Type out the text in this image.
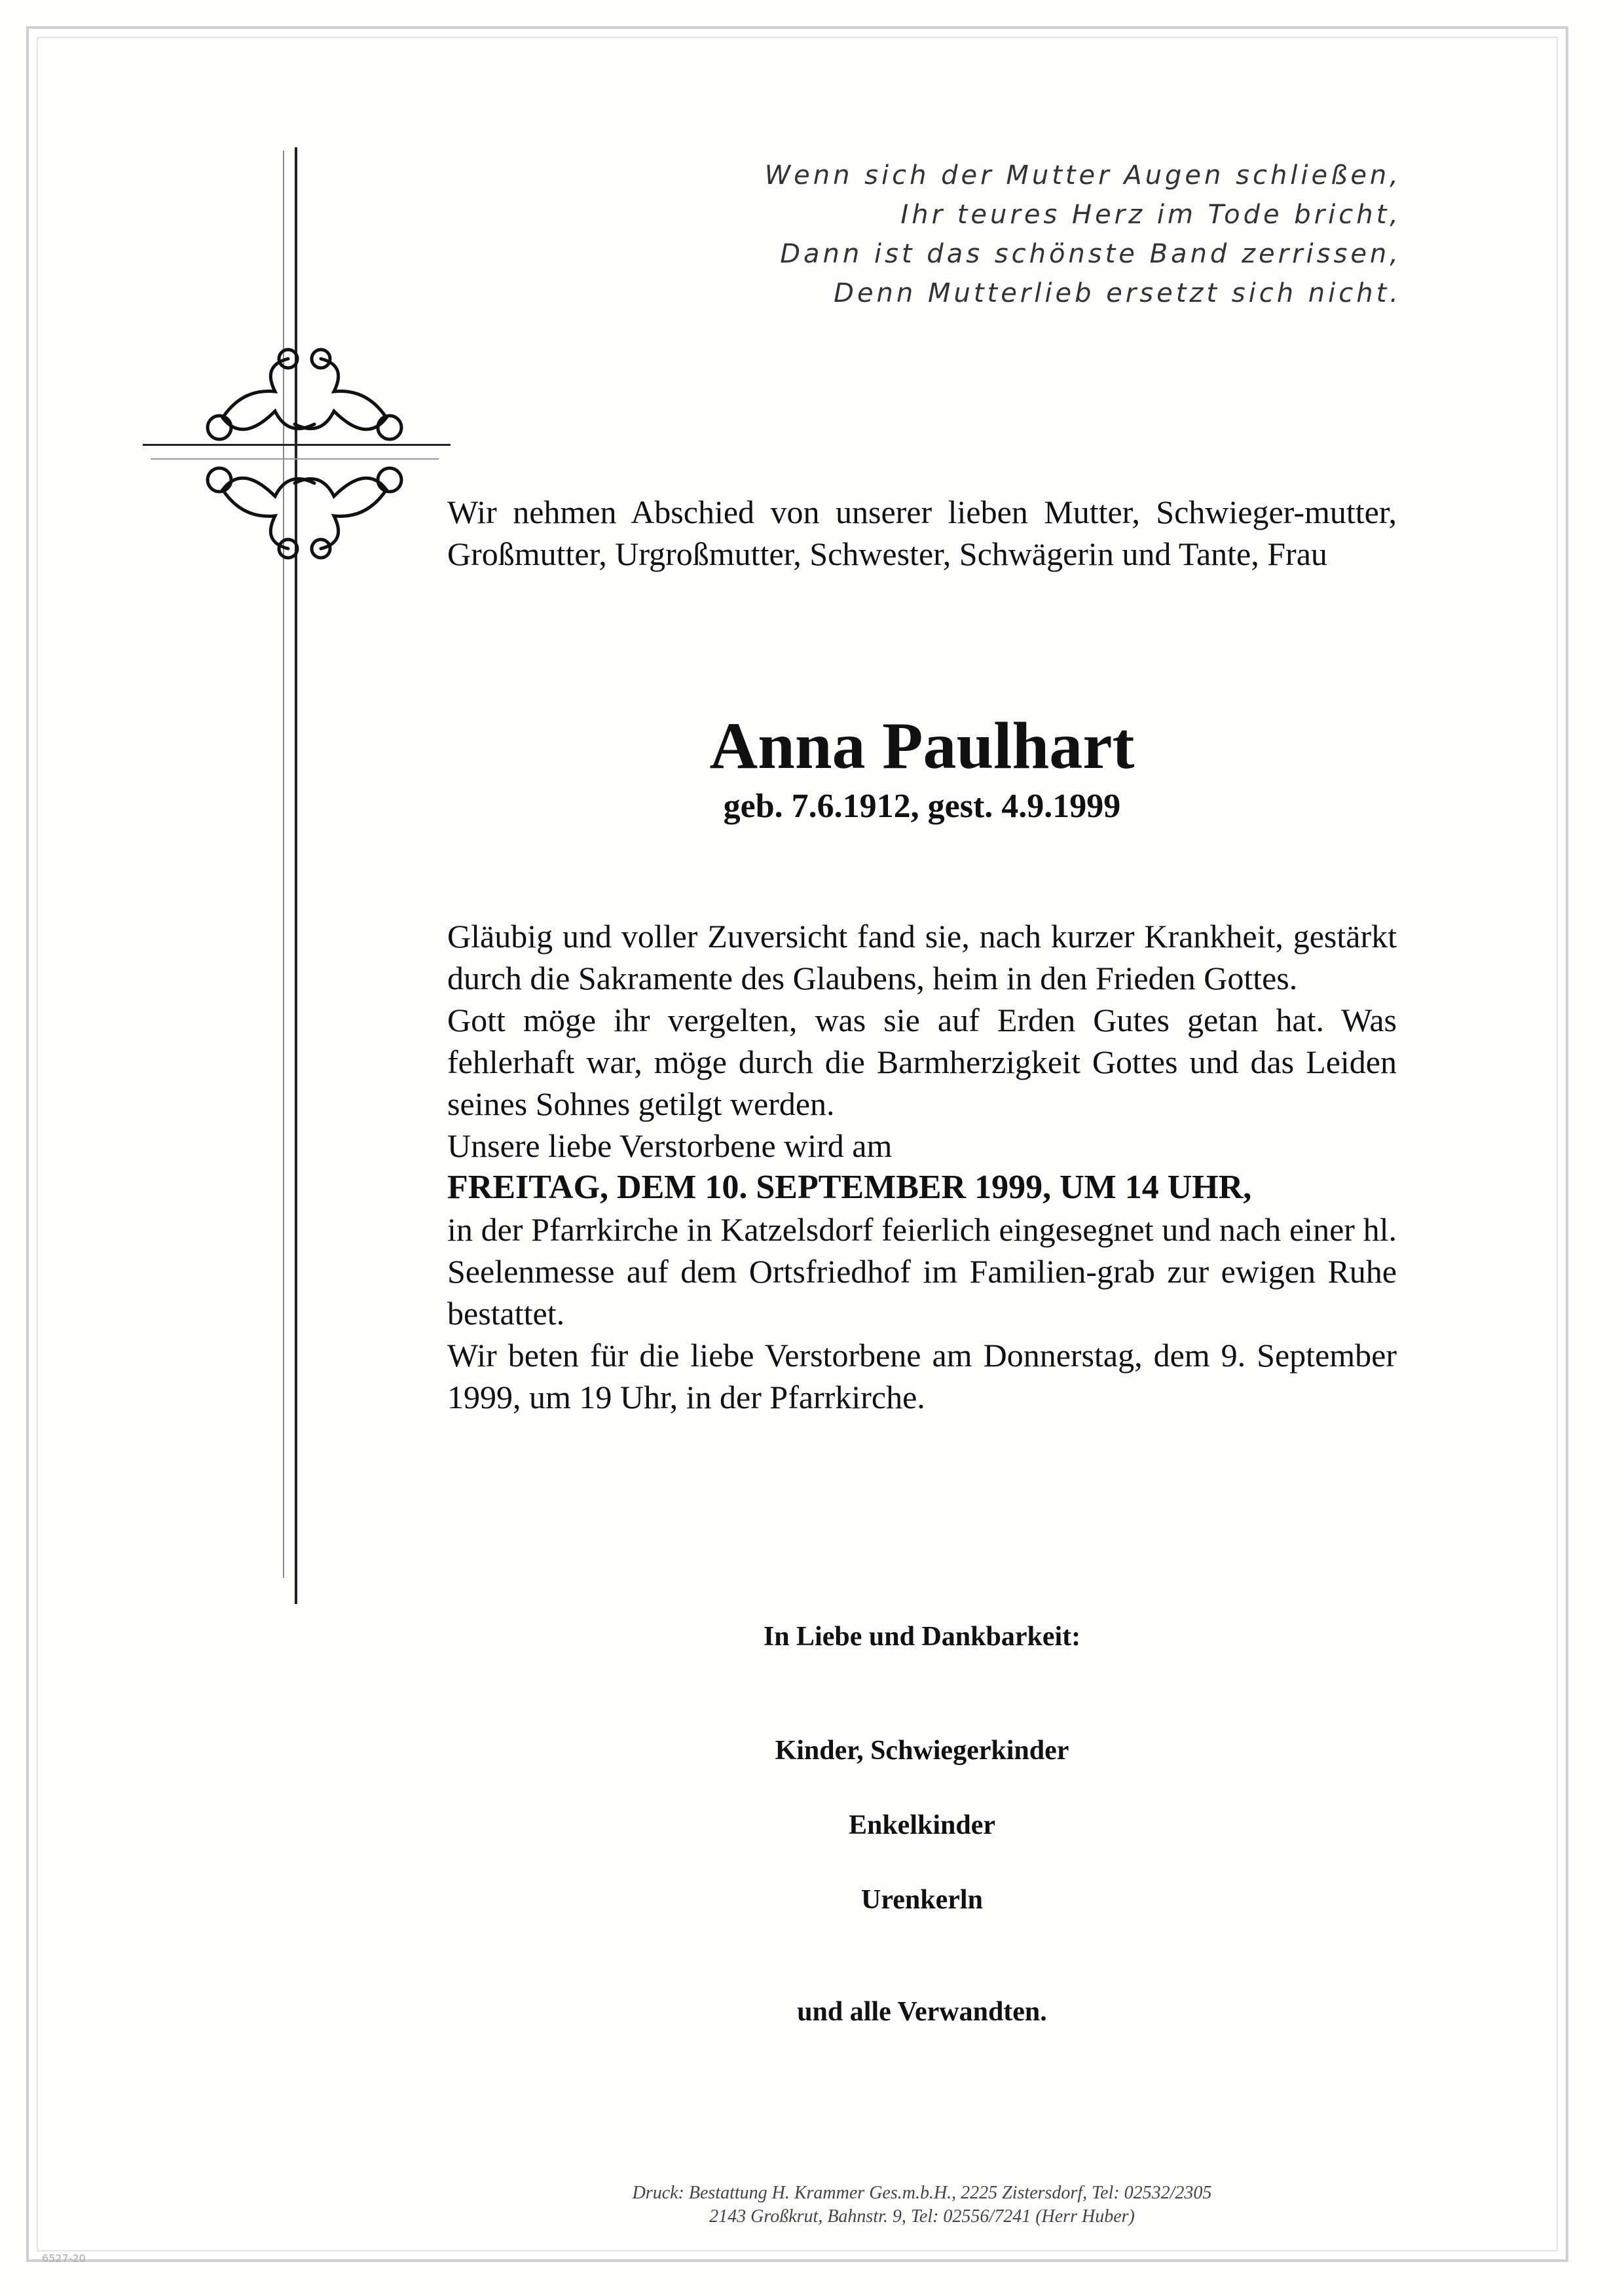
Wenn sich der Mutter Augen schließen,
Ihr teures Herz im Tode bricht,
Dann ist das schönste Band zerrissen,
Denn Mutterlieb ersetzt sich nicht.

Wir nehmen Abschied von unserer lieben Mutter, Schwieger-mutter, Großmutter, Urgroßmutter, Schwester, Schwägerin und Tante, Frau

Anna Paulhart
geb. 7.6.1912, gest. 4.9.1999

Gläubig und voller Zuversicht fand sie, nach kurzer Krankheit, gestärkt durch die Sakramente des Glaubens, heim in den Frieden Gottes.

Gott möge ihr vergelten, was sie auf Erden Gutes getan hat. Was fehlerhaft war, möge durch die Barmherzigkeit Gottes und das Leiden seines Sohnes getilgt werden.

Unsere liebe Verstorbene wird am

FREITAG, DEM 10. SEPTEMBER 1999, UM 14 UHR,

in der Pfarrkirche in Katzelsdorf feierlich eingesegnet und nach einer hl. Seelenmesse auf dem Ortsfriedhof im Familien-grab zur ewigen Ruhe bestattet.

Wir beten für die liebe Verstorbene am Donnerstag, dem 9. September 1999, um 19 Uhr, in der Pfarrkirche.

In Liebe und Dankbarkeit:
Kinder, Schwiegerkinder
Enkelkinder
Urenkerln
und alle Verwandten.
Druck: Bestattung H. Krammer Ges.m.b.H., 2225 Zistersdorf, Tel: 02532/2305
2143 Großkrut, Bahnstr. 9, Tel: 02556/7241 (Herr Huber)
6527-20
